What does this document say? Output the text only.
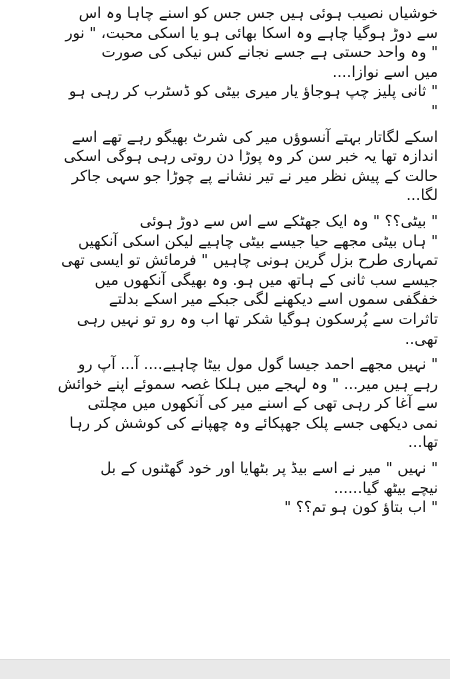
خوشیاں نصیب ہوئی ہیں جس جس کو اسنے چاہا وہ اس
سے دوڑ ہوگیا چاہے وہ اسکا بھائی ہو یا اسکی محبت، " نور
" وہ واحد حستی ہے جسے نجانے کس نیکی کی صورت
میں اسے نوازا....
" ثانی پلیز چپ ہوجاؤ یار میری بیٹی کو ڈسٹرب کر رہی ہو
"
اسکے لگاتار بہتے آنسوؤں میر کی شرٹ بھیگو رہے تھے اسے
اندازہ تھا یہ خبر سن کر وہ پوڑا دن روتی رہی ہوگی اسکی
حالت کے پیش نظر میر نے تیر نشانے پے چوڑا جو سہی جاکر
لگا...
" بیٹی؟؟ " وہ ایک جھٹکے سے اس سے دوڑ ہوئی
" ہاں بیٹی مجھے حیا جیسے بیٹی چاہیے لیکن اسکی آنکھیں
تمہاری طرح بزل گرین ہونی چاہیں " فرمائش تو ایسی تھی
جیسے سب ثانی کے ہاتھ میں ہو. وہ بھیگی آنکھوں میں
خفگفی سموں اسے دیکھنے لگی جبکے میر اسکے بدلتے
تاثرات سے پُرسکون ہوگیا شکر تھا اب وہ رو تو نہیں رہی
تھی..
" نہیں مجھے احمد جیسا گول مول بیٹا چاہیے.... آ... آپ رو
رہے ہیں میر... " وہ لہجے میں ہلکا غصہ سموئے اپنے خوائش
سے آغا کر رہی تھی کے اسنے میر کی آنکھوں میں مچلتی
نمی دیکھی جسے پلک جھپکائے وہ چھپانے کی کوشش کر رہا
تھا...
" نہیں " میر نے اسے بیڈ پر بٹھایا اور خود گھٹنوں کے بل
نیچے بیٹھ گیا......
" اب بتاؤ کون ہو تم؟؟ "
